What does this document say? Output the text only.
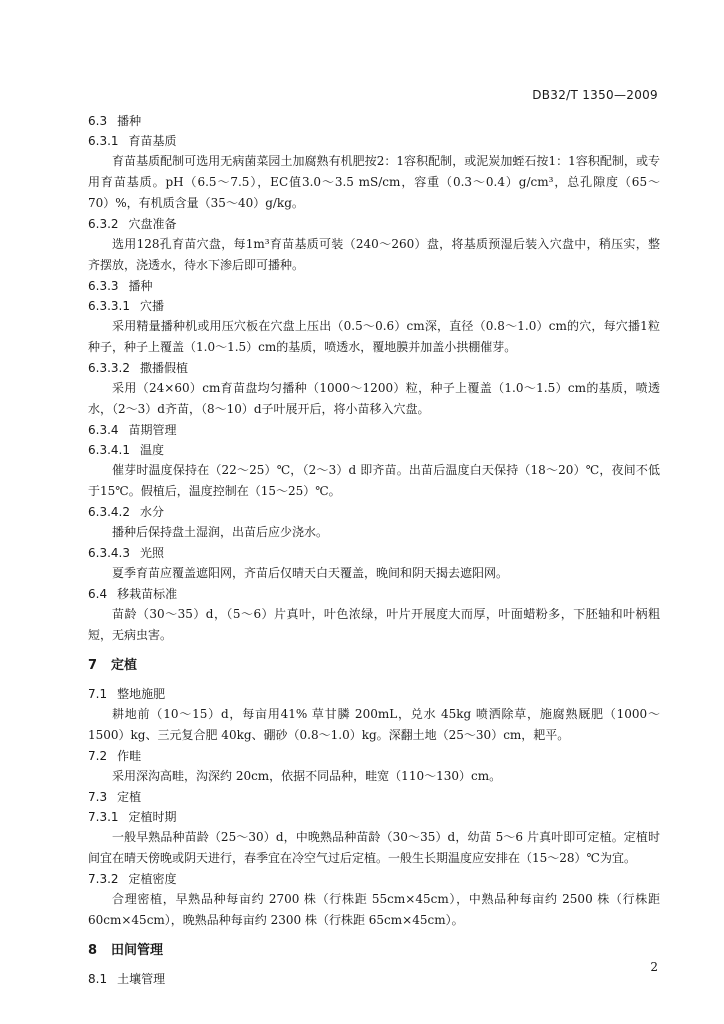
DB32/T 1350—2009
6.3 播种
6.3.1 育苗基质

育苗基质配制可选用无病菌菜园土加腐熟有机肥按2：1容积配制，或泥炭加蛭石按1：1容积配制，或专用育苗基质。pH（6.5～7.5），EC值3.0～3.5 mS/cm，容重（0.3～0.4）g/cm³，总孔隙度（65～70）%，有机质含量（35～40）g/kg。

6.3.2 穴盘准备

选用128孔育苗穴盘，每1m³育苗基质可装（240～260）盘，将基质预湿后装入穴盘中，稍压实，整齐摆放，浇透水，待水下渗后即可播种。

6.3.3 播种
6.3.3.1 穴播

采用精量播种机或用压穴板在穴盘上压出（0.5～0.6）cm深，直径（0.8～1.0）cm的穴，每穴播1粒种子，种子上覆盖（1.0～1.5）cm的基质，喷透水，覆地膜并加盖小拱棚催芽。

6.3.3.2 撒播假植

采用（24×60）cm育苗盘均匀播种（1000～1200）粒，种子上覆盖（1.0～1.5）cm的基质，喷透水，（2～3）d齐苗，（8～10）d子叶展开后，将小苗移入穴盘。

6.3.4 苗期管理
6.3.4.1 温度

催芽时温度保持在（22～25）℃，（2～3）d 即齐苗。出苗后温度白天保持（18～20）℃，夜间不低于15℃。假植后，温度控制在（15～25）℃。

6.3.4.2 水分

播种后保持盘土湿润，出苗后应少浇水。

6.3.4.3 光照

夏季育苗应覆盖遮阳网，齐苗后仅晴天白天覆盖，晚间和阴天揭去遮阳网。

6.4 移栽苗标准

苗龄（30～35）d，（5～6）片真叶，叶色浓绿，叶片开展度大而厚，叶面蜡粉多，下胚轴和叶柄粗短，无病虫害。

7 定植
7.1 整地施肥

耕地前（10～15）d，每亩用41% 草甘膦 200mL，兑水 45kg 喷洒除草，施腐熟厩肥（1000～1500）kg、三元复合肥 40kg、硼砂（0.8～1.0）kg。深翻土地（25～30）cm，耙平。

7.2 作畦

采用深沟高畦，沟深约 20cm，依据不同品种，畦宽（110～130）cm。

7.3 定植
7.3.1 定植时期

一般早熟品种苗龄（25～30）d，中晚熟品种苗龄（30～35）d，幼苗 5～6 片真叶即可定植。定植时间宜在晴天傍晚或阴天进行，春季宜在冷空气过后定植。一般生长期温度应安排在（15～28）℃为宜。

7.3.2 定植密度

合理密植，早熟品种每亩约 2700 株（行株距 55cm×45cm），中熟品种每亩约 2500 株（行株距 60cm×45cm），晚熟品种每亩约 2300 株（行株距 65cm×45cm）。

8 田间管理
8.1 土壤管理
2
